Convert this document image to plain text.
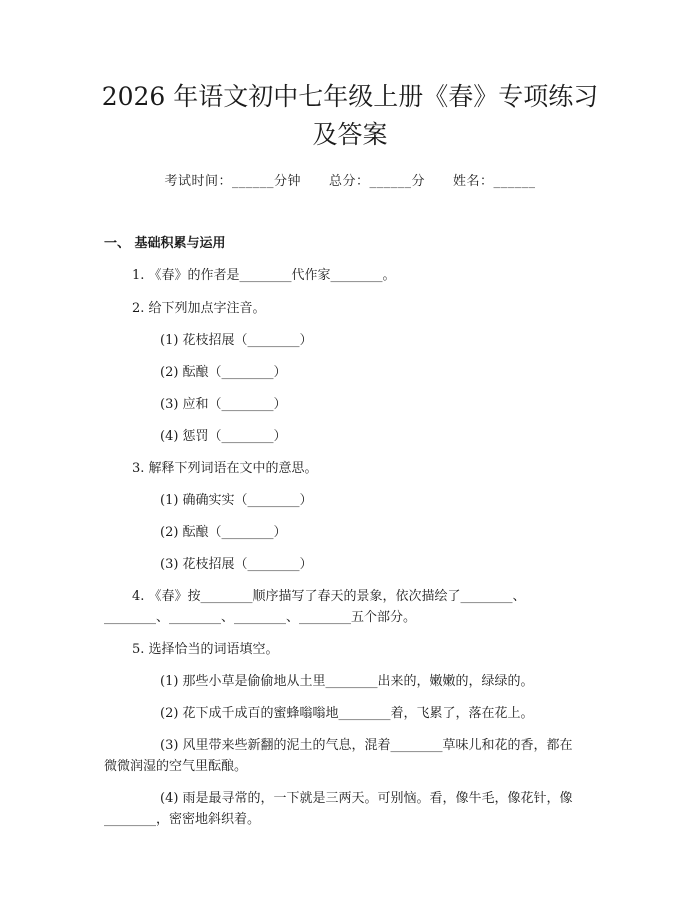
2026 年语文初中七年级上册《春》专项练习
及答案
考试时间：______分钟 总分：______分 姓名：______
一、 基础积累与运用
1. 《春》的作者是________代作家________。
2. 给下列加点字注音。
(1) 花枝招展（________）
(2) 酝酿（________）
(3) 应和（________）
(4) 惩罚（________）
3. 解释下列词语在文中的意思。
(1) 确确实实（________）
(2) 酝酿（________）
(3) 花枝招展（________）
4. 《春》按________顺序描写了春天的景象，依次描绘了________、
________、________、________、________五个部分。
5. 选择恰当的词语填空。
(1) 那些小草是偷偷地从土里________出来的，嫩嫩的，绿绿的。
(2) 花下成千成百的蜜蜂嗡嗡地________着，飞累了，落在花上。
(3) 风里带来些新翻的泥土的气息，混着________草味儿和花的香，都在
微微润湿的空气里酝酿。
(4) 雨是最寻常的，一下就是三两天。可别恼。看，像牛毛，像花针，像
________，密密地斜织着。
